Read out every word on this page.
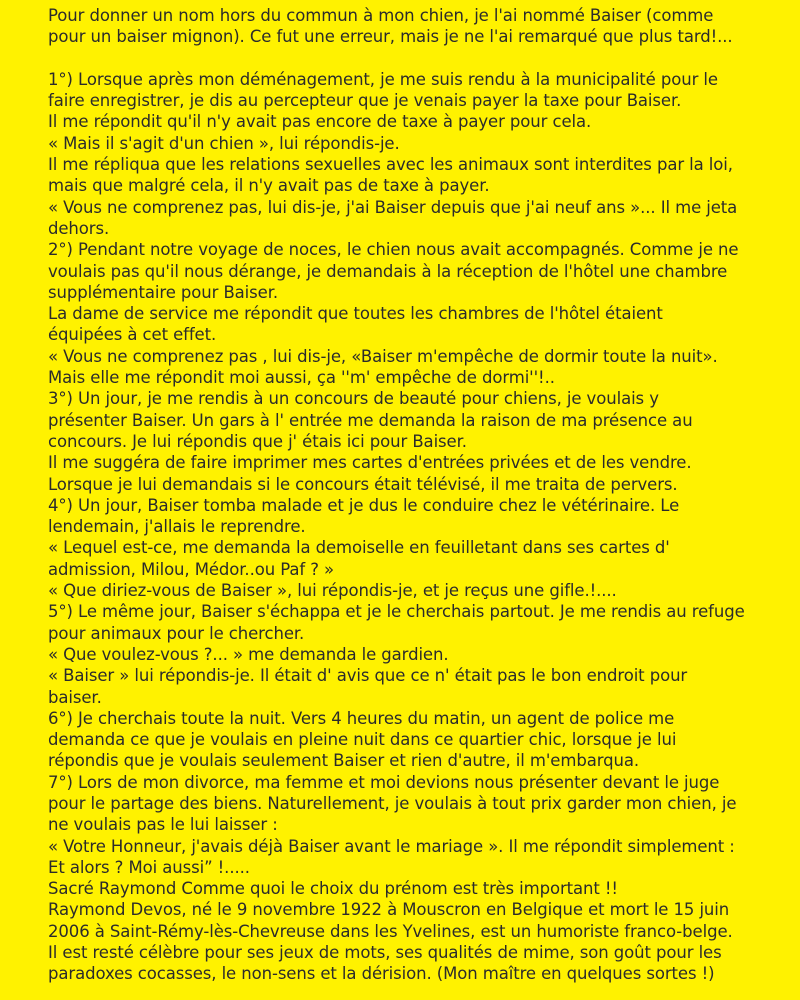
Pour donner un nom hors du commun à mon chien, je l'ai nommé Baiser (comme
pour un baiser mignon). Ce fut une erreur, mais je ne l'ai remarqué que plus tard!...
1°) Lorsque après mon déménagement, je me suis rendu à la municipalité pour le
faire enregistrer, je dis au percepteur que je venais payer la taxe pour Baiser.
Il me répondit qu'il n'y avait pas encore de taxe à payer pour cela.
« Mais il s'agit d'un chien », lui répondis-je.
Il me répliqua que les relations sexuelles avec les animaux sont interdites par la loi,
mais que malgré cela, il n'y avait pas de taxe à payer.
« Vous ne comprenez pas, lui dis-je, j'ai Baiser depuis que j'ai neuf ans »... Il me jeta
dehors.
2°) Pendant notre voyage de noces, le chien nous avait accompagnés. Comme je ne
voulais pas qu'il nous dérange, je demandais à la réception de l'hôtel une chambre
supplémentaire pour Baiser.
La dame de service me répondit que toutes les chambres de l'hôtel étaient
équipées à cet effet.
« Vous ne comprenez pas , lui dis-je, «Baiser m'empêche de dormir toute la nuit».
Mais elle me répondit moi aussi, ça ''m' empêche de dormi''!..
3°) Un jour, je me rendis à un concours de beauté pour chiens, je voulais y
présenter Baiser. Un gars à l' entrée me demanda la raison de ma présence au
concours. Je lui répondis que j' étais ici pour Baiser.
Il me suggéra de faire imprimer mes cartes d'entrées privées et de les vendre.
Lorsque je lui demandais si le concours était télévisé, il me traita de pervers.
4°) Un jour, Baiser tomba malade et je dus le conduire chez le vétérinaire. Le
lendemain, j'allais le reprendre.
« Lequel est-ce, me demanda la demoiselle en feuilletant dans ses cartes d'
admission, Milou, Médor..ou Paf ? »
« Que diriez-vous de Baiser », lui répondis-je, et je reçus une gifle.!....
5°) Le même jour, Baiser s'échappa et je le cherchais partout. Je me rendis au refuge
pour animaux pour le chercher.
« Que voulez-vous ?... » me demanda le gardien.
« Baiser » lui répondis-je. Il était d' avis que ce n' était pas le bon endroit pour
baiser.
6°) Je cherchais toute la nuit. Vers 4 heures du matin, un agent de police me
demanda ce que je voulais en pleine nuit dans ce quartier chic, lorsque je lui
répondis que je voulais seulement Baiser et rien d'autre, il m'embarqua.
7°) Lors de mon divorce, ma femme et moi devions nous présenter devant le juge
pour le partage des biens. Naturellement, je voulais à tout prix garder mon chien, je
ne voulais pas le lui laisser :
« Votre Honneur, j'avais déjà Baiser avant le mariage ». Il me répondit simplement :
Et alors ? Moi aussi” !.....
Sacré Raymond Comme quoi le choix du prénom est très important !!
Raymond Devos, né le 9 novembre 1922 à Mouscron en Belgique et mort le 15 juin
2006 à Saint-Rémy-lès-Chevreuse dans les Yvelines, est un humoriste franco-belge.
Il est resté célèbre pour ses jeux de mots, ses qualités de mime, son goût pour les
paradoxes cocasses, le non-sens et la dérision. (Mon maître en quelques sortes !)
